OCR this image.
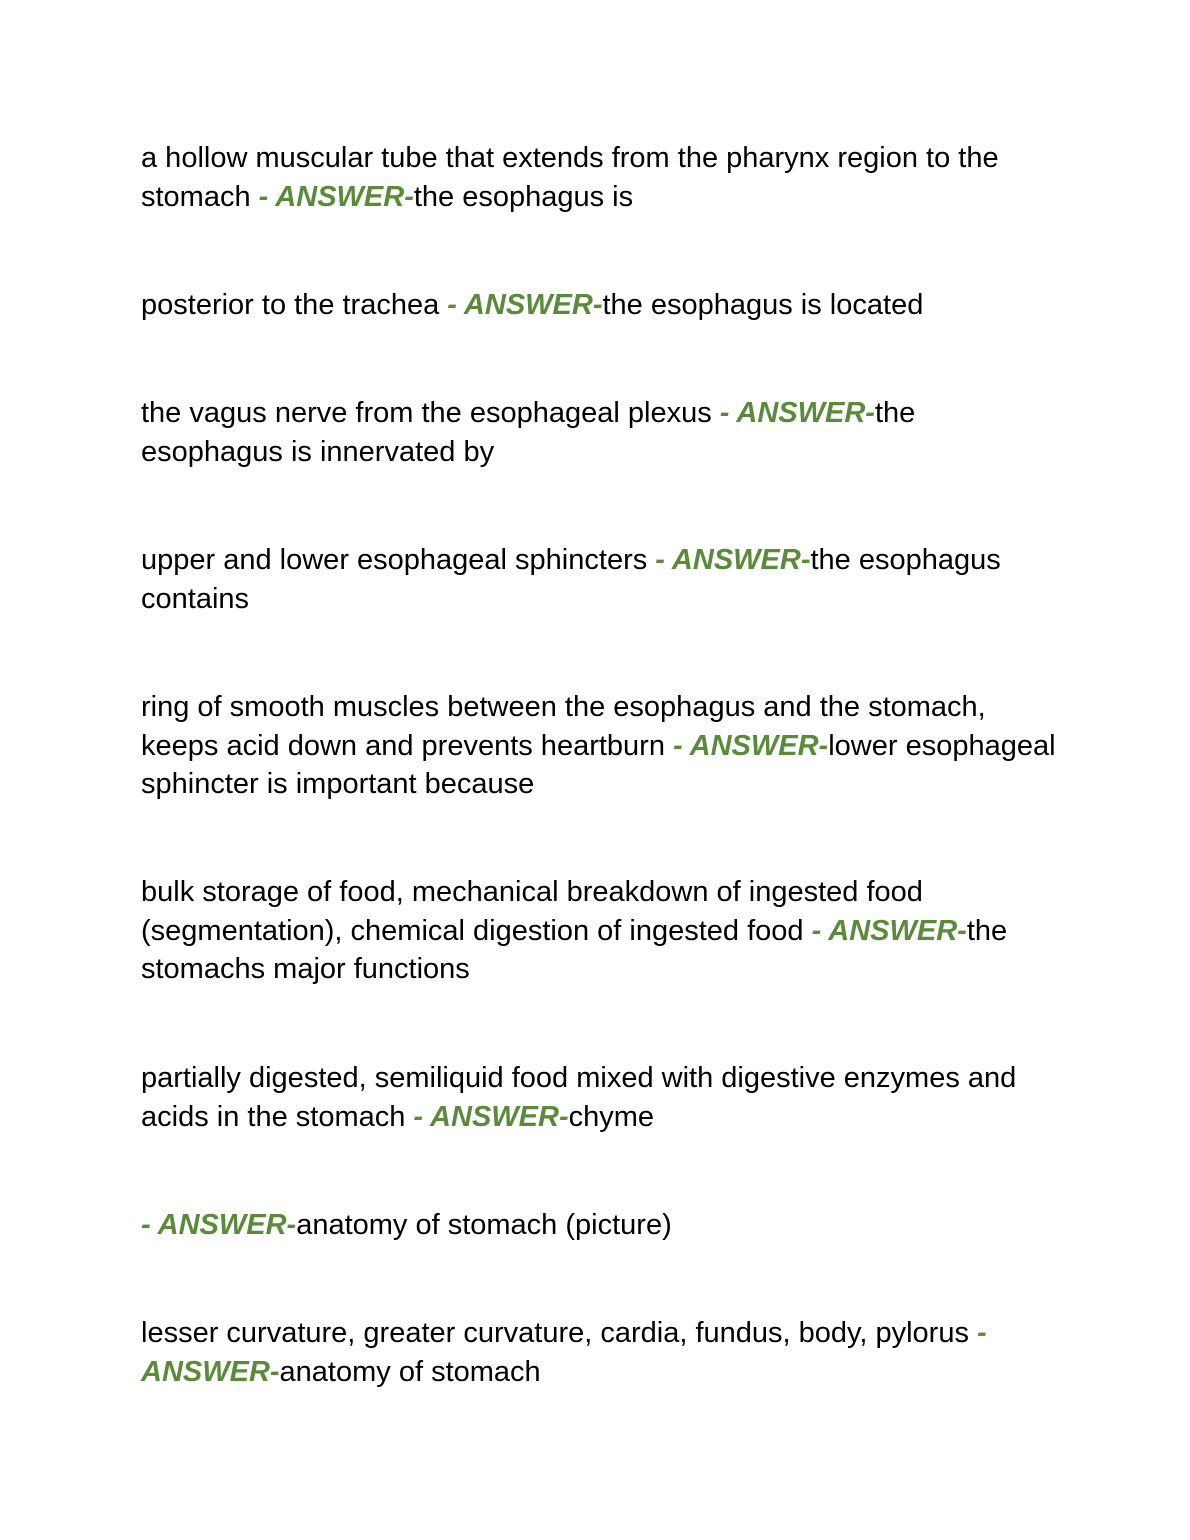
a hollow muscular tube that extends from the pharynx region to the stomach - ANSWER-the esophagus is

posterior to the trachea - ANSWER-the esophagus is located

the vagus nerve from the esophageal plexus - ANSWER-the esophagus is innervated by

upper and lower esophageal sphincters - ANSWER-the esophagus contains

ring of smooth muscles between the esophagus and the stomach, keeps acid down and prevents heartburn - ANSWER-lower esophageal sphincter is important because

bulk storage of food, mechanical breakdown of ingested food (segmentation), chemical digestion of ingested food - ANSWER-the stomachs major functions

partially digested, semiliquid food mixed with digestive enzymes and acids in the stomach - ANSWER-chyme

- ANSWER-anatomy of stomach (picture)

lesser curvature, greater curvature, cardia, fundus, body, pylorus - ANSWER-anatomy of stomach
